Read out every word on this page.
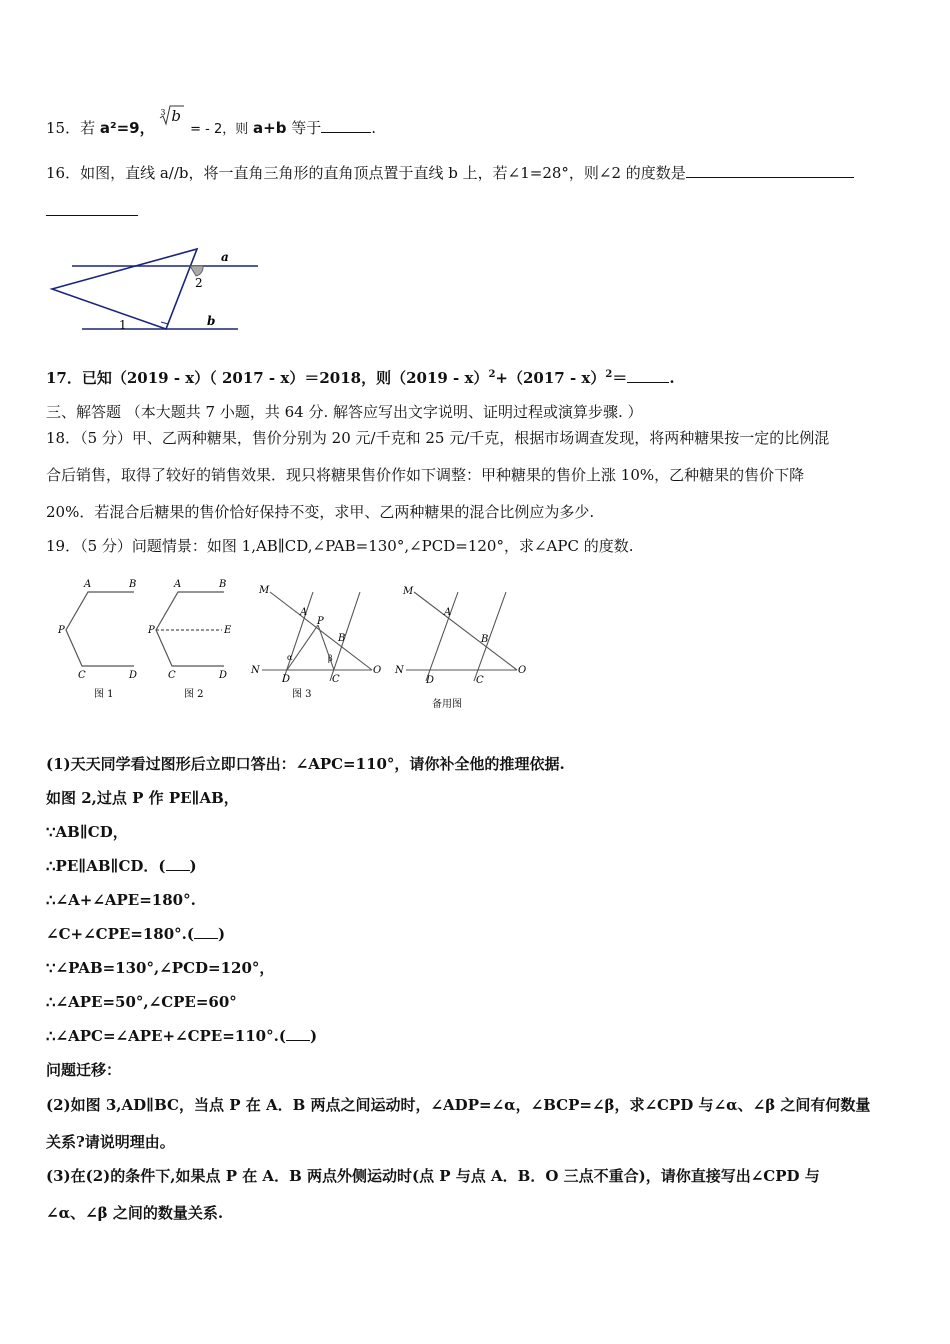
15．若 a²=9，
3 b
= - 2，则 a+b 等于	.
16．如图，直线 a//b，将一直角三角形的直角顶点置于直线 b 上，若∠1=28°，则∠2 的度数是
a
b
1
2
17．已知（2019 - x）（ 2017 - x）＝2018，则（2019 - x）$^2$+（2017 - x）$^2$＝	.
三、解答题 （本大题共 7 小题，共 64 分. 解答应写出文字说明、证明过程或演算步骤. ）
18．（5 分）甲、乙两种糖果，售价分别为 20 元/千克和 25 元/千克，根据市场调查发现，将两种糖果按一定的比例混
合后销售，取得了较好的销售效果．现只将糖果售价作如下调整：甲种糖果的售价上涨 10%，乙种糖果的售价下降
20%．若混合后糖果的售价恰好保持不变，求甲、乙两种糖果的混合比例应为多少.
19．（5 分）问题情景：如图 1,AB∥CD,∠PAB=130°,∠PCD=120°，求∠APC 的度数.
A	B
P
C	D
图 1
A	B
P	E
C	D
图 2
M
A
P
B
α	β
N
D	C
O
图 3
M
A
B
N
D	C
O
备用图
(1)天天同学看过图形后立即口答出：∠APC=110°，请你补全他的推理依据.
如图 2,过点 P 作 PE∥AB，
∵AB∥CD，
∴PE∥AB∥CD．( )
∴∠A+∠APE=180°.
∠C+∠CPE=180°.( )
∵∠PAB=130°,∠PCD=120°，
∴∠APE=50°,∠CPE=60°
∴∠APC=∠APE+∠CPE=110°.( )
问题迁移：
(2)如图 3,AD∥BC，当点 P 在 A．B 两点之间运动时，∠ADP=∠α，∠BCP=∠β，求∠CPD 与∠α、∠β 之间有何数量
关系?请说明理由。
(3)在(2)的条件下,如果点 P 在 A．B 两点外侧运动时(点 P 与点 A．B．O 三点不重合)，请你直接写出∠CPD 与
∠α、∠β 之间的数量关系.
